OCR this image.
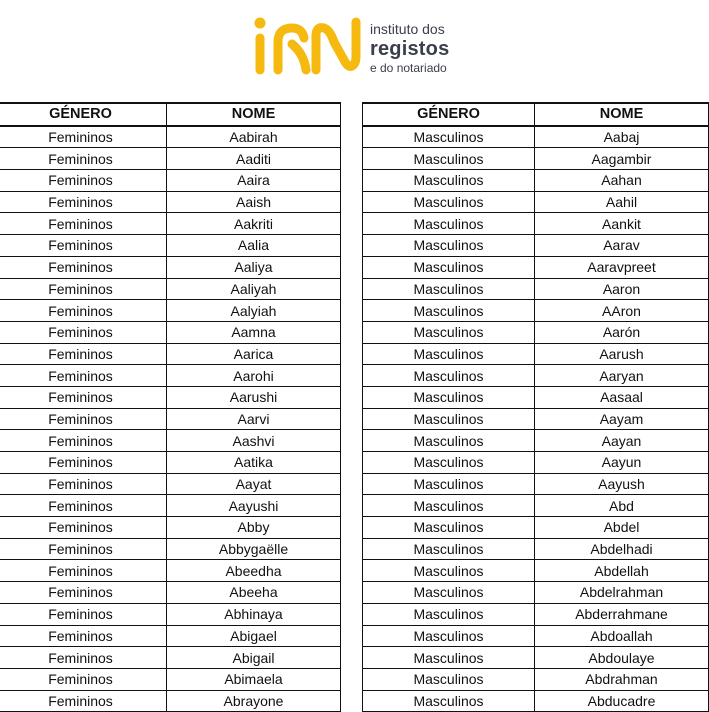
instituto dos
registos
e do notariado
GÉNERO	NOME
Femininos	Aabirah
Femininos	Aaditi
Femininos	Aaira
Femininos	Aaish
Femininos	Aakriti
Femininos	Aalia
Femininos	Aaliya
Femininos	Aaliyah
Femininos	Aalyiah
Femininos	Aamna
Femininos	Aarica
Femininos	Aarohi
Femininos	Aarushi
Femininos	Aarvi
Femininos	Aashvi
Femininos	Aatika
Femininos	Aayat
Femininos	Aayushi
Femininos	Abby
Femininos	Abbygaëlle
Femininos	Abeedha
Femininos	Abeeha
Femininos	Abhinaya
Femininos	Abigael
Femininos	Abigail
Femininos	Abimaela
Femininos	Abrayone
GÉNERO	NOME
Masculinos	Aabaj
Masculinos	Aagambir
Masculinos	Aahan
Masculinos	Aahil
Masculinos	Aankit
Masculinos	Aarav
Masculinos	Aaravpreet
Masculinos	Aaron
Masculinos	AAron
Masculinos	Aarón
Masculinos	Aarush
Masculinos	Aaryan
Masculinos	Aasaal
Masculinos	Aayam
Masculinos	Aayan
Masculinos	Aayun
Masculinos	Aayush
Masculinos	Abd
Masculinos	Abdel
Masculinos	Abdelhadi
Masculinos	Abdellah
Masculinos	Abdelrahman
Masculinos	Abderrahmane
Masculinos	Abdoallah
Masculinos	Abdoulaye
Masculinos	Abdrahman
Masculinos	Abducadre
